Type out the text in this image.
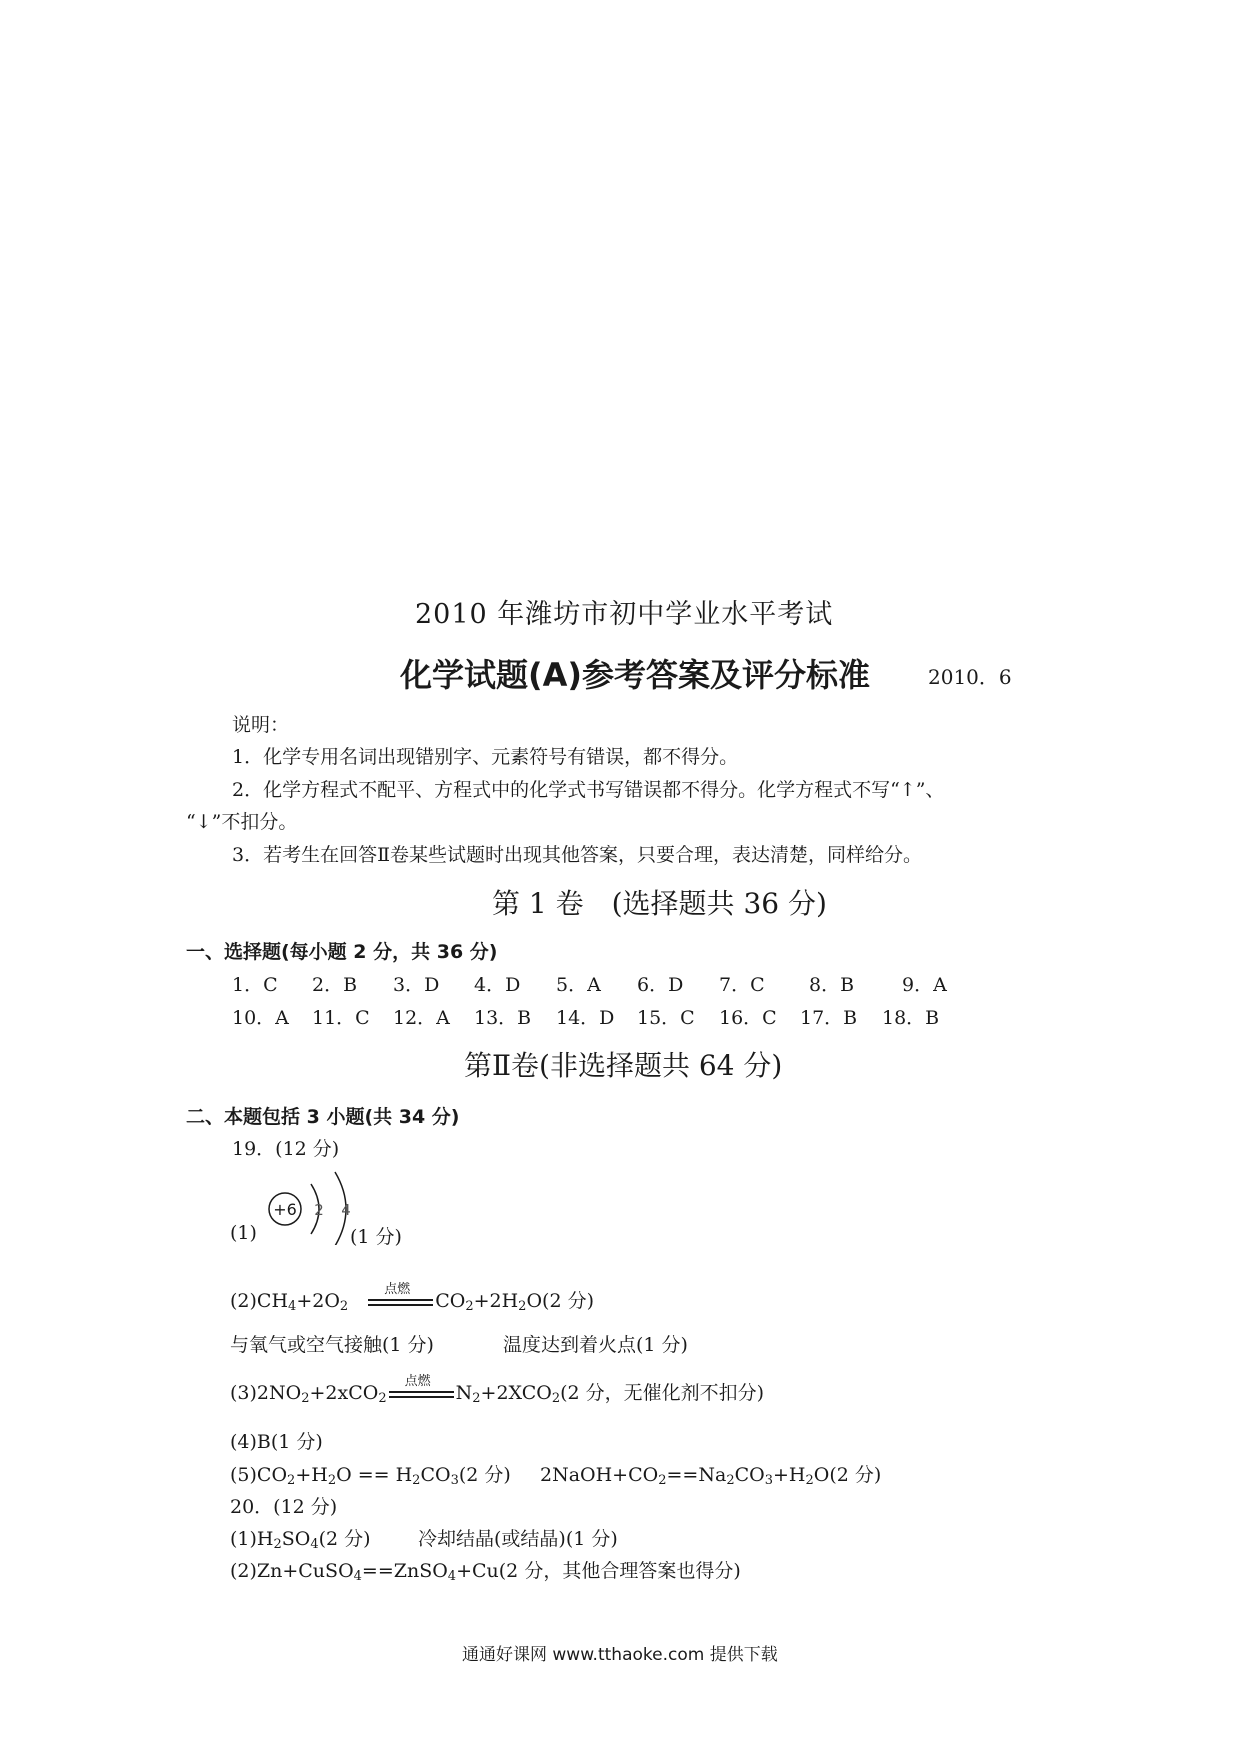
2010 年潍坊市初中学业水平考试
化学试题(A)参考答案及评分标准	2010．6
说明：
1．化学专用名词出现错别字、元素符号有错误，都不得分。
2．化学方程式不配平、方程式中的化学式书写错误都不得分。化学方程式不写“↑”、
“↓”不扣分。
3．若考生在回答Ⅱ卷某些试题时出现其他答案，只要合理，表达清楚，同样给分。
第 1 卷　(选择题共 36 分)
一、选择题(每小题 2 分，共 36 分)
1．C 2．B 3．D 4．D 5．A 6．D 7．C 8．B	9．A
10．A 11．C 12．A 13．B 14．D 15．C 16．C 17．B 18．B
第Ⅱ卷(非选择题共 64 分)
二、本题包括 3 小题(共 34 分)
19．(12 分)
(1)
+6 2 4
(1 分)
$(2)CH_4+2O_2$
点燃
$CO_2+2H_2O(2$ 分)
与氧气或空气接触(1 分)	温度达到着火点(1 分)
$(3)2NO_2+2xCO_2$
点燃
$N_2+2XCO_2(2$ 分，无催化剂不扣分)
(4)B(1 分)
$(5)CO_2+H_2O == H_2CO_3(2$ 分) $2NaOH+CO_2==Na_2CO_3+H_2O(2$ 分)
20．(12 分)
$(1)H_2SO_4(2$ 分) 冷却结晶(或结晶)(1 分)
(2)Zn+CuSO$_4$==ZnSO$_4$+Cu(2 分，其他合理答案也得分)
通通好课网 www.tthaoke.com 提供下载
